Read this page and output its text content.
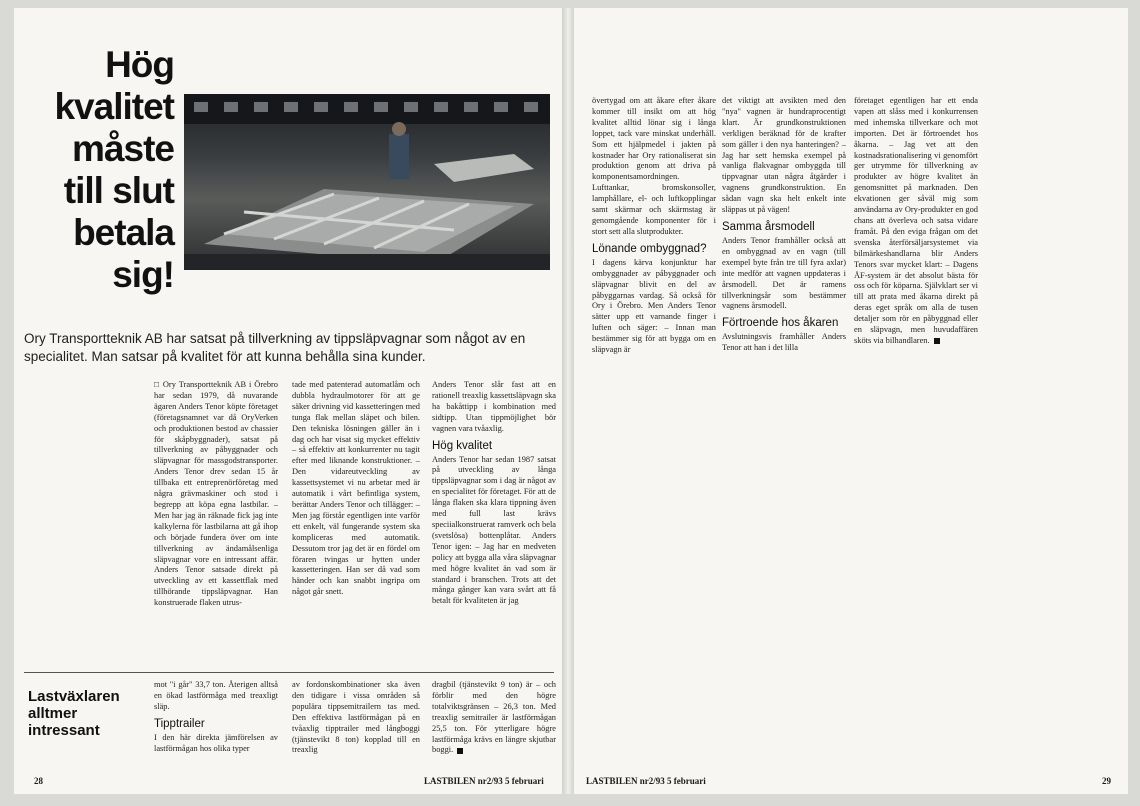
Hög
kvalitet
måste
till slut
betala
sig!
Ory Transportteknik AB har satsat på tillverkning av tippsläpvagnar som något av en specialitet. Man satsar på kvalitet för att kunna behålla sina kunder.

□ Ory Transportteknik AB i Örebro har sedan 1979, då nuvarande ägaren Anders Tenor köpte företaget (företagsnamnet var då OryVerken och produktionen bestod av chassier för skåpbyggnader), satsat på tillverkning av påbyggnader och släpvagnar för massgodstransporter. Anders Tenor drev sedan 15 år tillbaka ett entreprenörföretag med några grävmaskiner och stod i begrepp att köpa egna lastbilar. – Men har jag än räknade fick jag inte kalkylerna för lastbilarna att gå ihop och började fundera över om inte tillverkning av ändamålsenliga släpvagnar vore en intressant affär. Anders Tenor satsade direkt på utveckling av ett kassettflak med tillhörande tippsläpvagnar. Han konstruerade flaken utrus-

tade med patenterad automatlåm och dubbla hydraulmotorer för att ge säker drivning vid kassetteringen med tunga flak mellan släpet och bilen. Den tekniska lösningen gäller än i dag och har visat sig mycket effektiv – så effektiv att konkurrenter nu tagit efter med liknande konstruktioner. – Den vidareutveckling av kassettsystemet vi nu arbetar med är automatik i vårt befintliga system, berättar Anders Tenor och tillägger: – Men jag förstår egentligen inte varför ett enkelt, väl fungerande system ska kompliceras med automatik. Dessutom tror jag det är en fördel om föraren tvingas ur hytten under kassetteringen. Han ser då vad som händer och kan snabbt ingripa om något går snett.

Anders Tenor slår fast att en rationell treaxlig kassettsläpvagn ska ha bakåttipp i kombination med sidtipp. Utan tippmöjlighet bör vagnen vara tvåaxlig.

Hög kvalitet

Anders Tenor har sedan 1987 satsat på utveckling av långa tippsläpvagnar som i dag är något av en specialitet för företaget. För att de långa flaken ska klara tippning även med full last krävs speciialkonstruerat ramverk och bela (svetslösa) bottenplåtar. Anders Tenor igen: – Jag har en medveten policy att bygga alla våra släpvagnar med högre kvalitet än vad som är standard i branschen. Trots att det många gånger kan vara svårt att få betalt för kvaliteten är jag

Lastväxlaren
alltmer
intressant

mot "i går" 33,7 ton. Återigen alltså en ökad lastförmåga med treaxligt släp.

Tipptrailer

I den här direkta jämförelsen av lastförmågan hos olika typer

av fordonskombinationer ska även den tidigare i vissa områden så populära tippsemitrailern tas med. Den effektiva lastförmågan på en tvåaxlig tipptrailer med långboggi (tjänstevikt 8 ton) kopplad till en treaxlig

dragbil (tjänstevikt 9 ton) är – och förblir med den högre totalviktsgränsen – 26,3 ton. Med treaxlig semitrailer är lastförmågan 25,5 ton. För ytterligare högre lastförmåga krävs en längre skjutbar boggi.

28	LASTBILEN nr2/93 5 februari

övertygad om att åkare efter åkare kommer till insikt om att hög kvalitet alltid lönar sig i långa loppet, tack vare minskat underhåll. Som ett hjälpmedel i jakten på kostnader har Ory rationaliserat sin produktion genom att driva på komponentsamordningen. Lufttankar, bromskonsoller, lamphållare, el- och luftkopplingar samt skärmar och skärmstag är genomgående komponenter för i stort sett alla slutprodukter.

Lönande ombyggnad?

I dagens kärva konjunktur har ombyggnader av påbyggnader och släpvagnar blivit en del av påbyggarnas vardag. Så också för Ory i Örebro. Men Anders Tenor sätter upp ett varnande finger i luften och säger: – Innan man bestämmer sig för att bygga om en släpvagn är

det viktigt att avsikten med den "nya" vagnen är hundraprocentigt klart. Är grundkonstruktionen verkligen beräknad för de krafter som gäller i den nya hanteringen? – Jag har sett hemska exempel på vanliga flakvagnar ombyggda till tippvagnar utan några åtgärder i vagnens grundkonstruktion. En sådan vagn ska helt enkelt inte släppas ut på vägen!

Samma årsmodell

Anders Tenor framhåller också att en ombyggnad av en vagn (till exempel byte från tre till fyra axlar) inte medför att vagnen uppdateras i årsmodell. Det är ramens tillverkningsår som bestämmer vagnens årsmodell.

Förtroende hos åkaren

Avslutningsvis framhåller Anders Tenor att han i det lilla

företaget egentligen har ett enda vapen att slåss med i konkurrensen med inhemska tillverkare och mot importen. Det är förtroendet hos åkarna. – Jag vet att den kostnadsrationalisering vi genomfört ger utrymme för tillverkning av produkter av högre kvalitet än genomsnittet på marknaden. Den ekvationen ger såväl mig som användarna av Ory-produkter en god chans att överleva och satsa vidare framåt. På den eviga frågan om det svenska återförsäljarsystemet via bilmärkeshandlarna blir Anders Tenors svar mycket klart: – Dagens ÅF-system är det absolut bästa för oss och för köparna. Självklart ser vi till att prata med åkarna direkt på deras eget språk om alla de tusen detaljer som rör en påbyggnad eller en släpvagn, men huvudaffären sköts via bilhandlaren.

LASTBILEN nr2/93 5 februari	29
